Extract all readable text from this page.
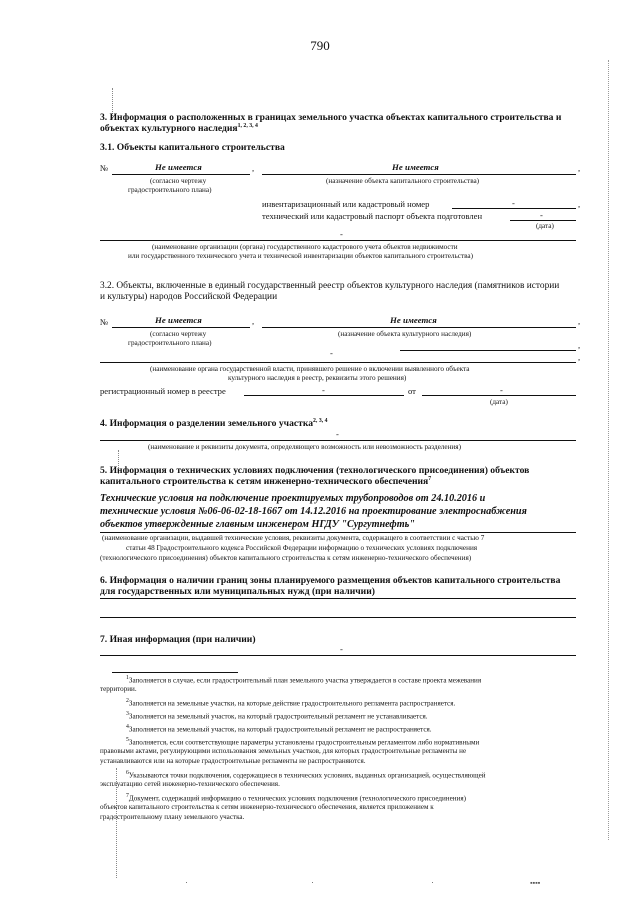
790
3. Информация о расположенных в границах земельного участка объектах капитального строительства и
объектах культурного наследия$^{1, 2, 3, 4}$
3.1. Объекты капитального строительства
№	Не имеется	,	Не имеется	,
(согласно чертежу
градостроительного плана)
(назначение объекта капитального строительства)
инвентаризационный или кадастровый номер	-	,
технический или кадастровый паспорт объекта подготовлен	-
(дата)
-
(наименование организации (органа) государственного кадастрового учета объектов недвижимости
или государственного технического учета и технической инвентаризации объектов капитального строительства)
3.2. Объекты, включенные в единый государственный реестр объектов культурного наследия (памятников истории
и культуры) народов Российской Федерации
№	Не имеется	,	Не имеется	,
(согласно чертежу
градостроительного плана)
(назначение объекта культурного наследия)
,
-	,
(наименование органа государственной власти, принявшего решение о включении выявленного объекта
культурного наследия в реестр, реквизиты этого решения)
регистрационный номер в реестре	-	от	-
(дата)
4. Информация о разделении земельного участка$^{2, 3, 4}$
-
(наименование и реквизиты документа, определяющего возможность или невозможность разделения)
5. Информация о технических условиях подключения (технологического присоединения) объектов
капитального строительства к сетям инженерно-технического обеспечения$^7$
Технические условия на подключение проектируемых трубопроводов от 24.10.2016 и
технические условия №06-06-02-18-1667 от 14.12.2016 на проектирование электроснабжения
объектов утвержденные главным инженером НГДУ "Сургутнефть"
(наименование организации, выдавшей технические условия, реквизиты документа, содержащего в соответствии с частью 7
статьи 48 Градостроительного кодекса Российской Федерации информацию о технических условиях подключения
(технологического присоединения) объектов капитального строительства к сетям инженерно-технического обеспечения)
6. Информация о наличии границ зоны планируемого размещения объектов капитального строительства
для государственных или муниципальных нужд (при наличии)
7. Иная информация (при наличии)
-
$^1$Заполняется в случае, если градостроительный план земельного участка утверждается в составе проекта межевания
территории.
$^2$Заполняется на земельные участки, на которые действие градостроительного регламента распространяется.
$^3$Заполняется на земельный участок, на который градостроительный регламент не устанавливается.
$^4$Заполняется на земельный участок, на который градостроительный регламент не распространяется.
$^5$Заполняется, если соответствующие параметры установлены градостроительным регламентом либо нормативными
правовыми актами, регулирующими использования земельных участков, для которых градостроительные регламенты не
устанавливаются или на которые градостроительные регламенты не распространяются.
$^6$Указываются точки подключения, содержащиеся в технических условиях, выданных организацией, осуществляющей
эксплуатацию сетей инженерно-технического обеспечения.
$^7$Документ, содержащий информацию о технических условиях подключения (технологического присоединения)
объектов капитального строительства к сетям инженерно-технического обеспечения, является приложением к
градостроительному плану земельного участка.
▪▪▪▪
